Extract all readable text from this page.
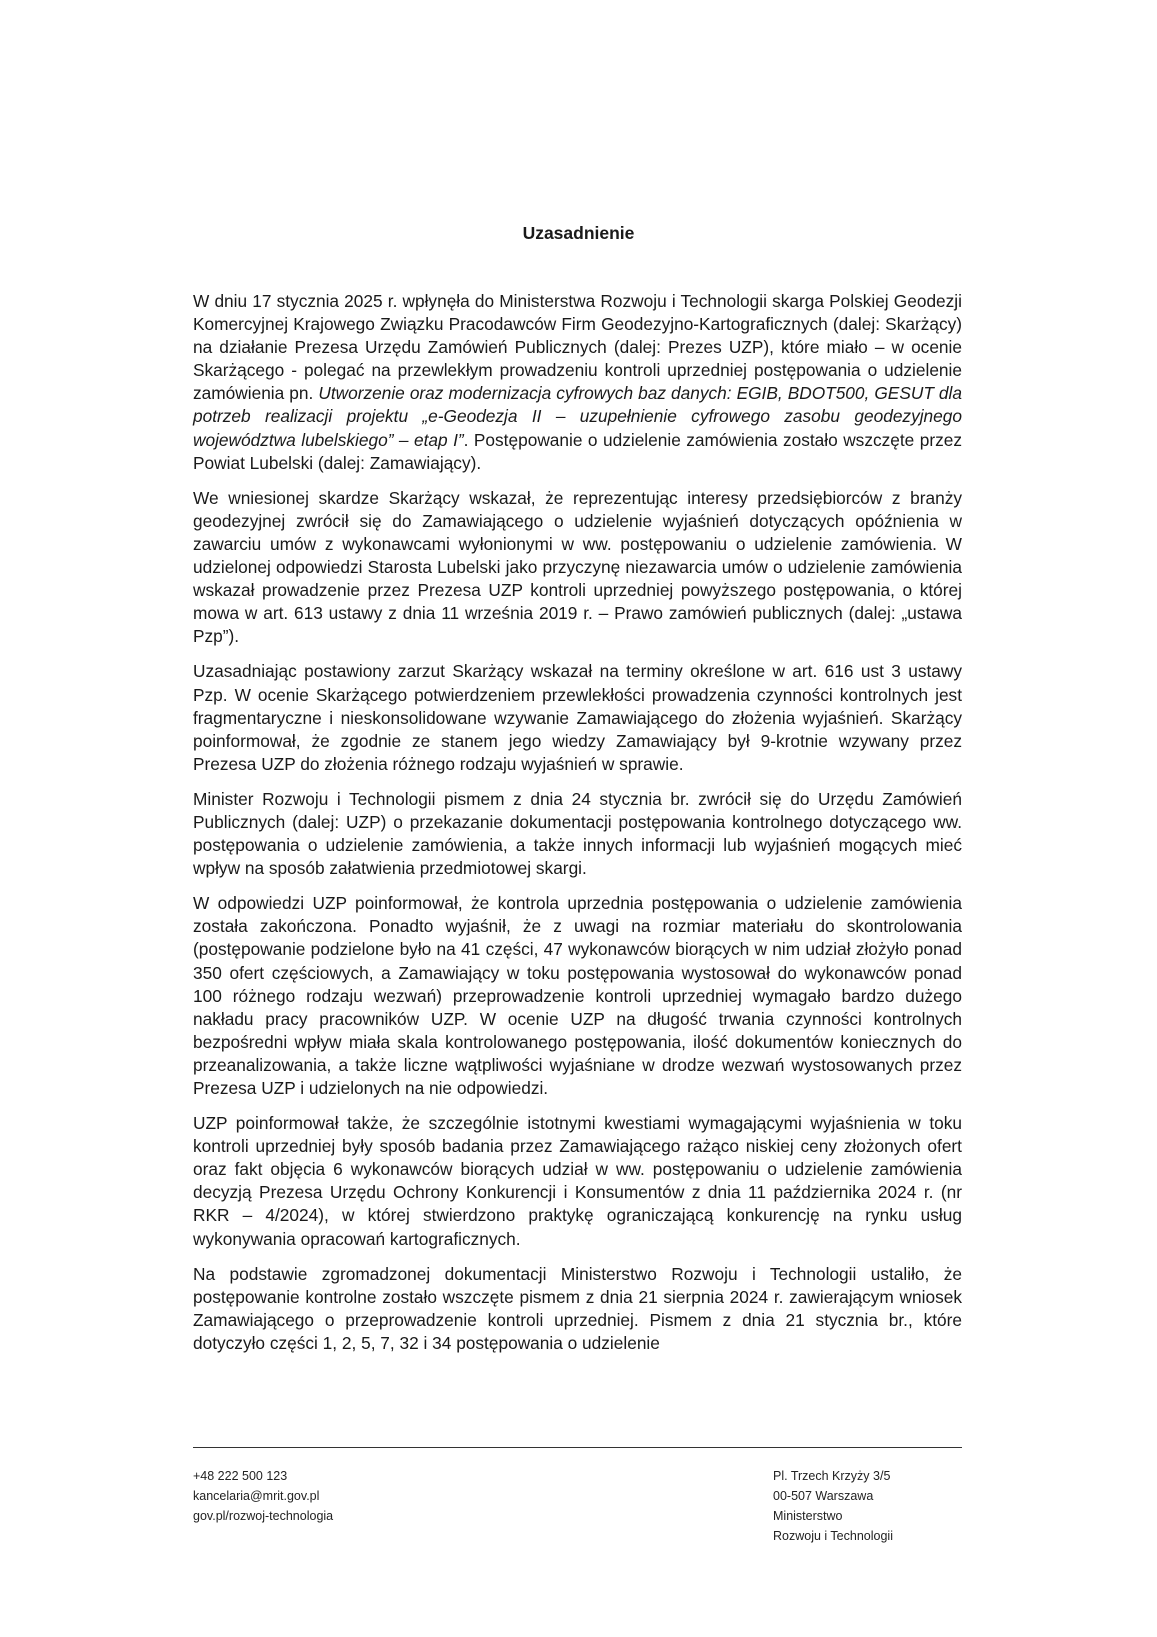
Uzasadnienie

W dniu 17 stycznia 2025 r. wpłynęła do Ministerstwa Rozwoju i Technologii skarga Polskiej Geodezji Komercyjnej Krajowego Związku Pracodawców Firm Geodezyjno-Kartograficznych (dalej: Skarżący) na działanie Prezesa Urzędu Zamówień Publicznych (dalej: Prezes UZP), które miało – w ocenie Skarżącego - polegać na przewlekłym prowadzeniu kontroli uprzedniej postępowania o udzielenie zamówienia pn. Utworzenie oraz modernizacja cyfrowych baz danych: EGIB, BDOT500, GESUT dla potrzeb realizacji projektu „e-Geodezja II – uzupełnienie cyfrowego zasobu geodezyjnego województwa lubelskiego” – etap I”. Postępowanie o udzielenie zamówienia zostało wszczęte przez Powiat Lubelski (dalej: Zamawiający).

We wniesionej skardze Skarżący wskazał, że reprezentując interesy przedsiębiorców z branży geodezyjnej zwrócił się do Zamawiającego o udzielenie wyjaśnień dotyczących opóźnienia w zawarciu umów z wykonawcami wyłonionymi w ww. postępowaniu o udzielenie zamówienia. W udzielonej odpowiedzi Starosta Lubelski jako przyczynę niezawarcia umów o udzielenie zamówienia wskazał prowadzenie przez Prezesa UZP kontroli uprzedniej powyższego postępowania, o której mowa w art. 613 ustawy z dnia 11 września 2019 r. – Prawo zamówień publicznych (dalej: „ustawa Pzp”).

Uzasadniając postawiony zarzut Skarżący wskazał na terminy określone w art. 616 ust 3 ustawy Pzp. W ocenie Skarżącego potwierdzeniem przewlekłości prowadzenia czynności kontrolnych jest fragmentaryczne i nieskonsolidowane wzywanie Zamawiającego do złożenia wyjaśnień. Skarżący poinformował, że zgodnie ze stanem jego wiedzy Zamawiający był 9-krotnie wzywany przez Prezesa UZP do złożenia różnego rodzaju wyjaśnień w sprawie.

Minister Rozwoju i Technologii pismem z dnia 24 stycznia br. zwrócił się do Urzędu Zamówień Publicznych (dalej: UZP) o przekazanie dokumentacji postępowania kontrolnego dotyczącego ww. postępowania o udzielenie zamówienia, a także innych informacji lub wyjaśnień mogących mieć wpływ na sposób załatwienia przedmiotowej skargi.

W odpowiedzi UZP poinformował, że kontrola uprzednia postępowania o udzielenie zamówienia została zakończona. Ponadto wyjaśnił, że z uwagi na rozmiar materiału do skontrolowania (postępowanie podzielone było na 41 części, 47 wykonawców biorących w nim udział złożyło ponad 350 ofert częściowych, a Zamawiający w toku postępowania wystosował do wykonawców ponad 100 różnego rodzaju wezwań) przeprowadzenie kontroli uprzedniej wymagało bardzo dużego nakładu pracy pracowników UZP. W ocenie UZP na długość trwania czynności kontrolnych bezpośredni wpływ miała skala kontrolowanego postępowania, ilość dokumentów koniecznych do przeanalizowania, a także liczne wątpliwości wyjaśniane w drodze wezwań wystosowanych przez Prezesa UZP i udzielonych na nie odpowiedzi.

UZP poinformował także, że szczególnie istotnymi kwestiami wymagającymi wyjaśnienia w toku kontroli uprzedniej były sposób badania przez Zamawiającego rażąco niskiej ceny złożonych ofert oraz fakt objęcia 6 wykonawców biorących udział w ww. postępowaniu o udzielenie zamówienia decyzją Prezesa Urzędu Ochrony Konkurencji i Konsumentów z dnia 11 października 2024 r. (nr RKR – 4/2024), w której stwierdzono praktykę ograniczającą konkurencję na rynku usług wykonywania opracowań kartograficznych.

Na podstawie zgromadzonej dokumentacji Ministerstwo Rozwoju i Technologii ustaliło, że postępowanie kontrolne zostało wszczęte pismem z dnia 21 sierpnia 2024 r. zawierającym wniosek Zamawiającego o przeprowadzenie kontroli uprzedniej. Pismem z dnia 21 stycznia br., które dotyczyło części 1, 2, 5, 7, 32 i 34 postępowania o udzielenie

+48 222 500 123
kancelaria@mrit.gov.pl
gov.pl/rozwoj-technologia
Pl. Trzech Krzyży 3/5
00-507 Warszawa
Ministerstwo
Rozwoju i Technologii
